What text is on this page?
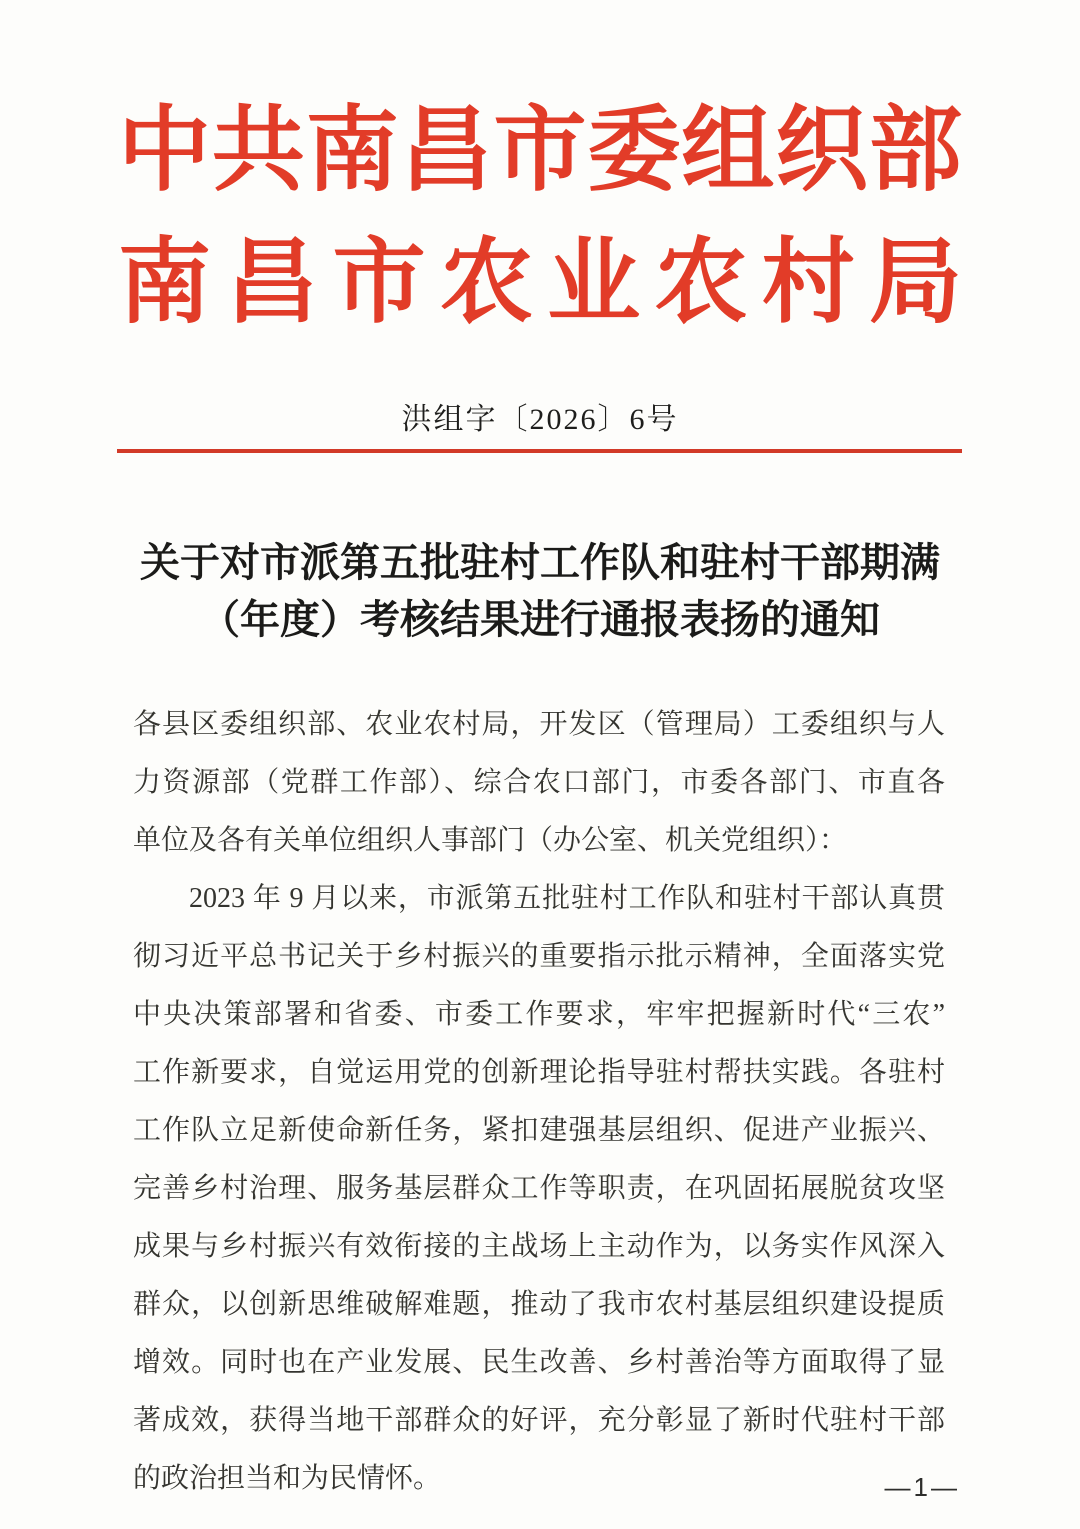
中 共 南 昌 市 委 组 织 部
南 昌 市 农 业 农 村 局
洪组字〔2026〕6号
关于对市派第五批驻村工作队和驻村干部期满
（年度）考核结果进行通报表扬的通知
各县区委组织部、农业农村局，开发区（管理局）工委组织与人
力资源部（党群工作部）、综合农口部门，市委各部门、市直各
单位及各有关单位组织人事部门（办公室、机关党组织）：
2023 年 9 月以来，市派第五批驻村工作队和驻村干部认真贯
彻习近平总书记关于乡村振兴的重要指示批示精神，全面落实党
中央决策部署和省委、市委工作要求，牢牢把握新时代“三农”
工作新要求，自觉运用党的创新理论指导驻村帮扶实践。各驻村
工作队立足新使命新任务，紧扣建强基层组织、促进产业振兴、
完善乡村治理、服务基层群众工作等职责，在巩固拓展脱贫攻坚
成果与乡村振兴有效衔接的主战场上主动作为，以务实作风深入
群众，以创新思维破解难题，推动了我市农村基层组织建设提质
增效。同时也在产业发展、民生改善、乡村善治等方面取得了显
著成效，获得当地干部群众的好评，充分彰显了新时代驻村干部
的政治担当和为民情怀。	—1—
